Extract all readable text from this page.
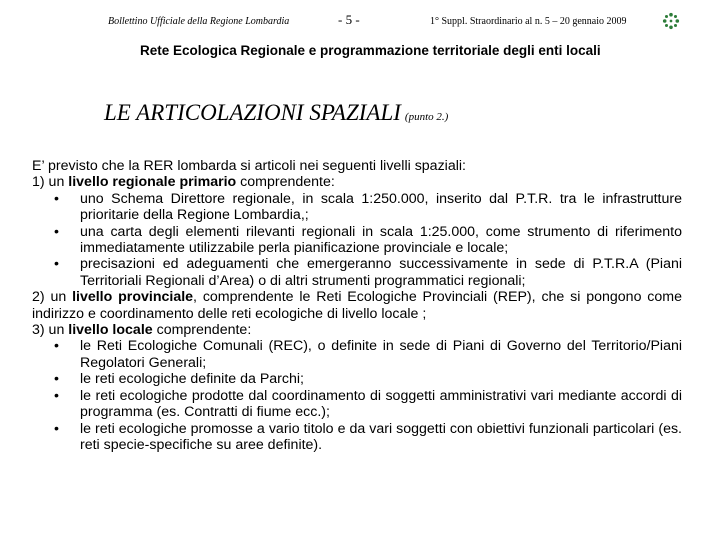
Bollettino Ufficiale della Regione Lombardia	- 5 -	1° Suppl. Straordinario al n. 5 – 20 gennaio 2009
Rete Ecologica Regionale e programmazione territoriale degli enti locali
LE ARTICOLAZIONI SPAZIALI (punto 2.)

E’ previsto che la RER lombarda si articoli nei seguenti livelli spaziali:

1) un livello regionale primario comprendente:

• uno Schema Direttore regionale, in scala 1:250.000, inserito dal P.T.R. tra le infrastrutture prioritarie della Regione Lombardia,;
• una carta degli elementi rilevanti regionali in scala 1:25.000, come strumento di riferimento immediatamente utilizzabile perla pianificazione provinciale e locale;
• precisazioni ed adeguamenti che emergeranno successivamente in sede di P.T.R.A (Piani Territoriali Regionali d’Area) o di altri strumenti programmatici regionali;

2) un livello provinciale, comprendente le Reti Ecologiche Provinciali (REP), che si pongono come indirizzo e coordinamento delle reti ecologiche di livello locale ;

3) un livello locale comprendente:

• le Reti Ecologiche Comunali (REC), o definite in sede di Piani di Governo del Territorio/Piani Regolatori Generali;
• le reti ecologiche definite da Parchi;
• le reti ecologiche prodotte dal coordinamento di soggetti amministrativi vari mediante accordi di programma (es. Contratti di fiume ecc.);
• le reti ecologiche promosse a vario titolo e da vari soggetti con obiettivi funzionali particolari (es. reti specie-specifiche su aree definite).
